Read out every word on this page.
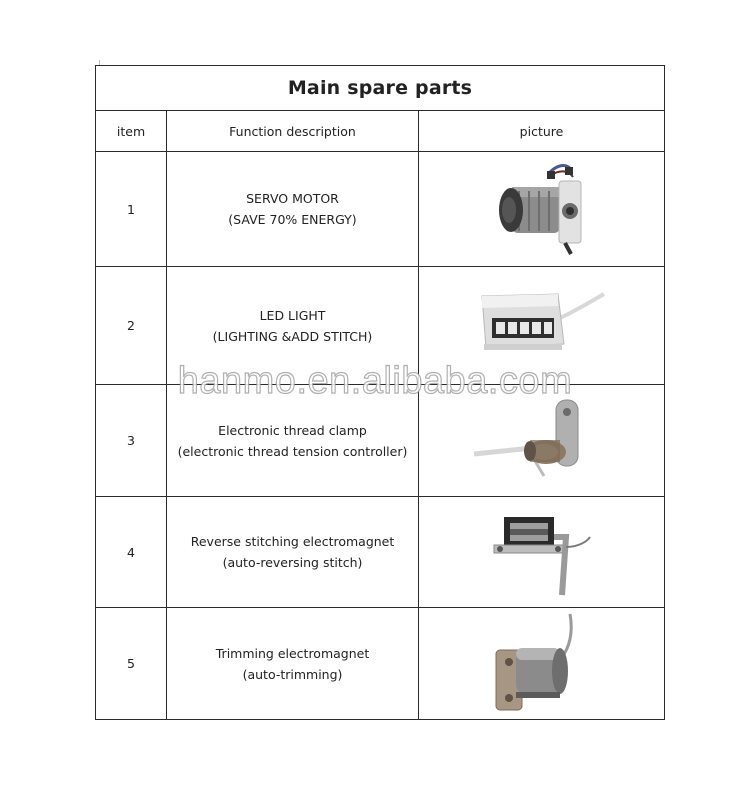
Main spare parts		
item	Function description	picture
1	SERVO MOTOR
(SAVE 70% ENERGY)

2	LED LIGHT
(LIGHTING &ADD STITCH)

3	Electronic thread clamp
(electronic thread tension controller)

4	Reverse stitching electromagnet
(auto-reversing stitch)

5	Trimming electromagnet
(auto-trimming)

hanmo.en.alibaba.com
